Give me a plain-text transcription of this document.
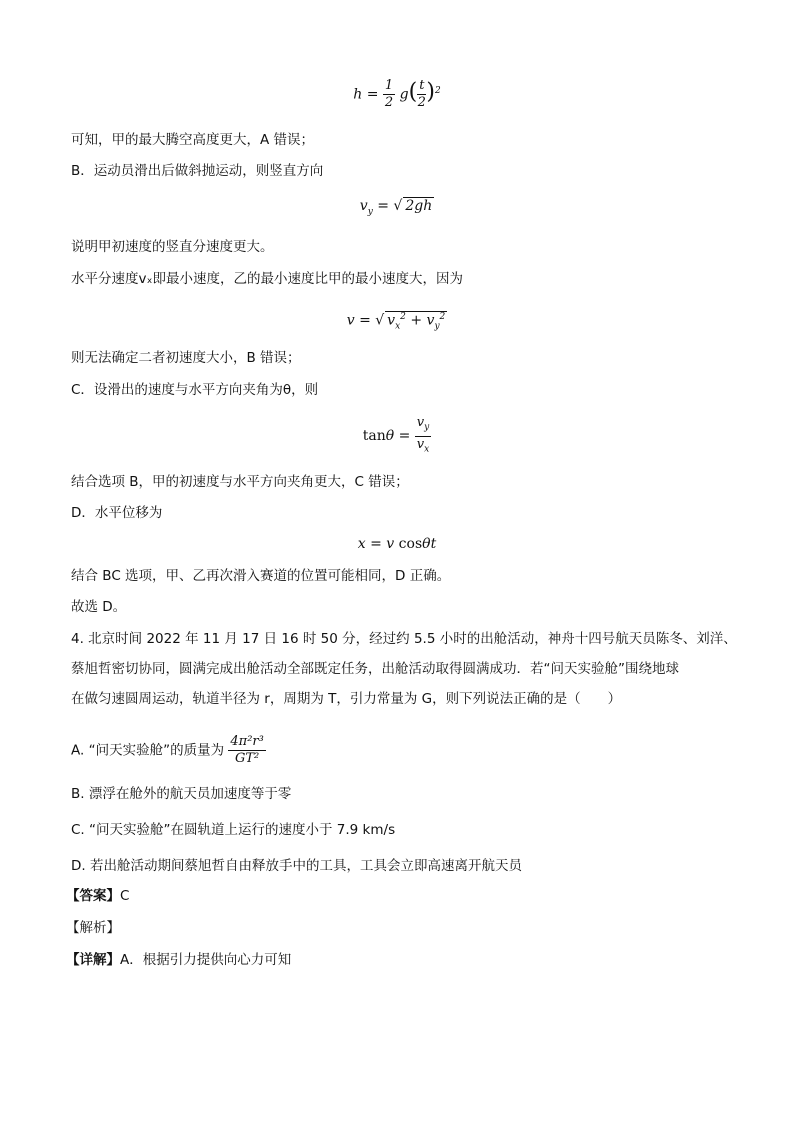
$h = \frac{1}{2} g( \frac{t}{2} )^2$
可知，甲的最大腾空高度更大，A 错误；
B．运动员滑出后做斜抛运动，则竖直方向
$v_y$ = √ 2gh
说明甲初速度的竖直分速度更大。
水平分速度vₓ即最小速度，乙的最小速度比甲的最小速度大，因为
v = √ $v_x^2 + v_y^2$
则无法确定二者初速度大小，B 错误；
C．设滑出的速度与水平方向夹角为θ，则
$\tan\theta = \frac{v_y}{v_x}$
结合选项 B，甲的初速度与水平方向夹角更大，C 错误；
D．水平位移为
x = v cosθt
结合 BC 选项，甲、乙再次滑入赛道的位置可能相同，D 正确。
故选 D。
4. 北京时间 2022 年 11 月 17 日 16 时 50 分，经过约 5.5 小时的出舱活动，神舟十四号航天员陈冬、刘洋、
蔡旭哲密切协同，圆满完成出舱活动全部既定任务，出舱活动取得圆满成功．若“问天实验舱”围绕地球
在做匀速圆周运动，轨道半径为 r，周期为 T，引力常量为 G，则下列说法正确的是（　　）
A. “问天实验舱”的质量为 $\frac{\text{4π²r³}}{\text{GT²}}$
B. 漂浮在舱外的航天员加速度等于零
C. “问天实验舱”在圆轨道上运行的速度小于 7.9 km/s
D. 若出舱活动期间蔡旭哲自由释放手中的工具，工具会立即高速离开航天员
【答案】C
【解析】
【详解】A．根据引力提供向心力可知
